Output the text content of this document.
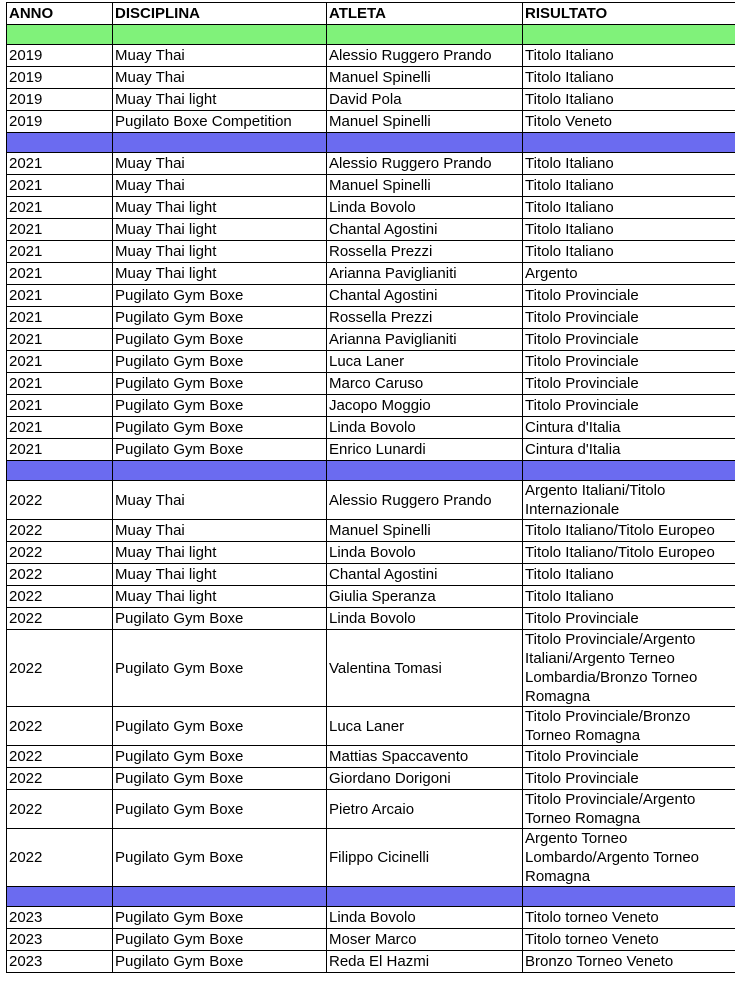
ANNO	DISCIPLINA	ATLETA	RISULTATO

2019	Muay Thai	Alessio Ruggero Prando	Titolo Italiano
2019	Muay Thai	Manuel Spinelli	Titolo Italiano
2019	Muay Thai light	David Pola	Titolo Italiano
2019	Pugilato Boxe Competition	Manuel Spinelli	Titolo Veneto

2021	Muay Thai	Alessio Ruggero Prando	Titolo Italiano
2021	Muay Thai	Manuel Spinelli	Titolo Italiano
2021	Muay Thai light	Linda Bovolo	Titolo Italiano
2021	Muay Thai light	Chantal Agostini	Titolo Italiano
2021	Muay Thai light	Rossella Prezzi	Titolo Italiano
2021	Muay Thai light	Arianna Paviglianiti	Argento
2021	Pugilato Gym Boxe	Chantal Agostini	Titolo Provinciale
2021	Pugilato Gym Boxe	Rossella Prezzi	Titolo Provinciale
2021	Pugilato Gym Boxe	Arianna Paviglianiti	Titolo Provinciale
2021	Pugilato Gym Boxe	Luca Laner	Titolo Provinciale
2021	Pugilato Gym Boxe	Marco Caruso	Titolo Provinciale
2021	Pugilato Gym Boxe	Jacopo Moggio	Titolo Provinciale
2021	Pugilato Gym Boxe	Linda Bovolo	Cintura d'Italia
2021	Pugilato Gym Boxe	Enrico Lunardi	Cintura d'Italia

2022	Muay Thai	Alessio Ruggero Prando	Argento Italiani/Titolo Internazionale
2022	Muay Thai	Manuel Spinelli	Titolo Italiano/Titolo Europeo
2022	Muay Thai light	Linda Bovolo	Titolo Italiano/Titolo Europeo
2022	Muay Thai light	Chantal Agostini	Titolo Italiano
2022	Muay Thai light	Giulia Speranza	Titolo Italiano
2022	Pugilato Gym Boxe	Linda Bovolo	Titolo Provinciale
2022	Pugilato Gym Boxe	Valentina Tomasi	Titolo Provinciale/Argento Italiani/Argento Terneo Lombardia/Bronzo Torneo Romagna
2022	Pugilato Gym Boxe	Luca Laner	Titolo Provinciale/Bronzo Torneo Romagna
2022	Pugilato Gym Boxe	Mattias Spaccavento	Titolo Provinciale
2022	Pugilato Gym Boxe	Giordano Dorigoni	Titolo Provinciale
2022	Pugilato Gym Boxe	Pietro Arcaio	Titolo Provinciale/Argento Torneo Romagna
2022	Pugilato Gym Boxe	Filippo Cicinelli	Argento Torneo Lombardo/Argento Torneo Romagna

2023	Pugilato Gym Boxe	Linda Bovolo	Titolo torneo Veneto
2023	Pugilato Gym Boxe	Moser Marco	Titolo torneo Veneto
2023	Pugilato Gym Boxe	Reda El Hazmi	Bronzo Torneo Veneto
